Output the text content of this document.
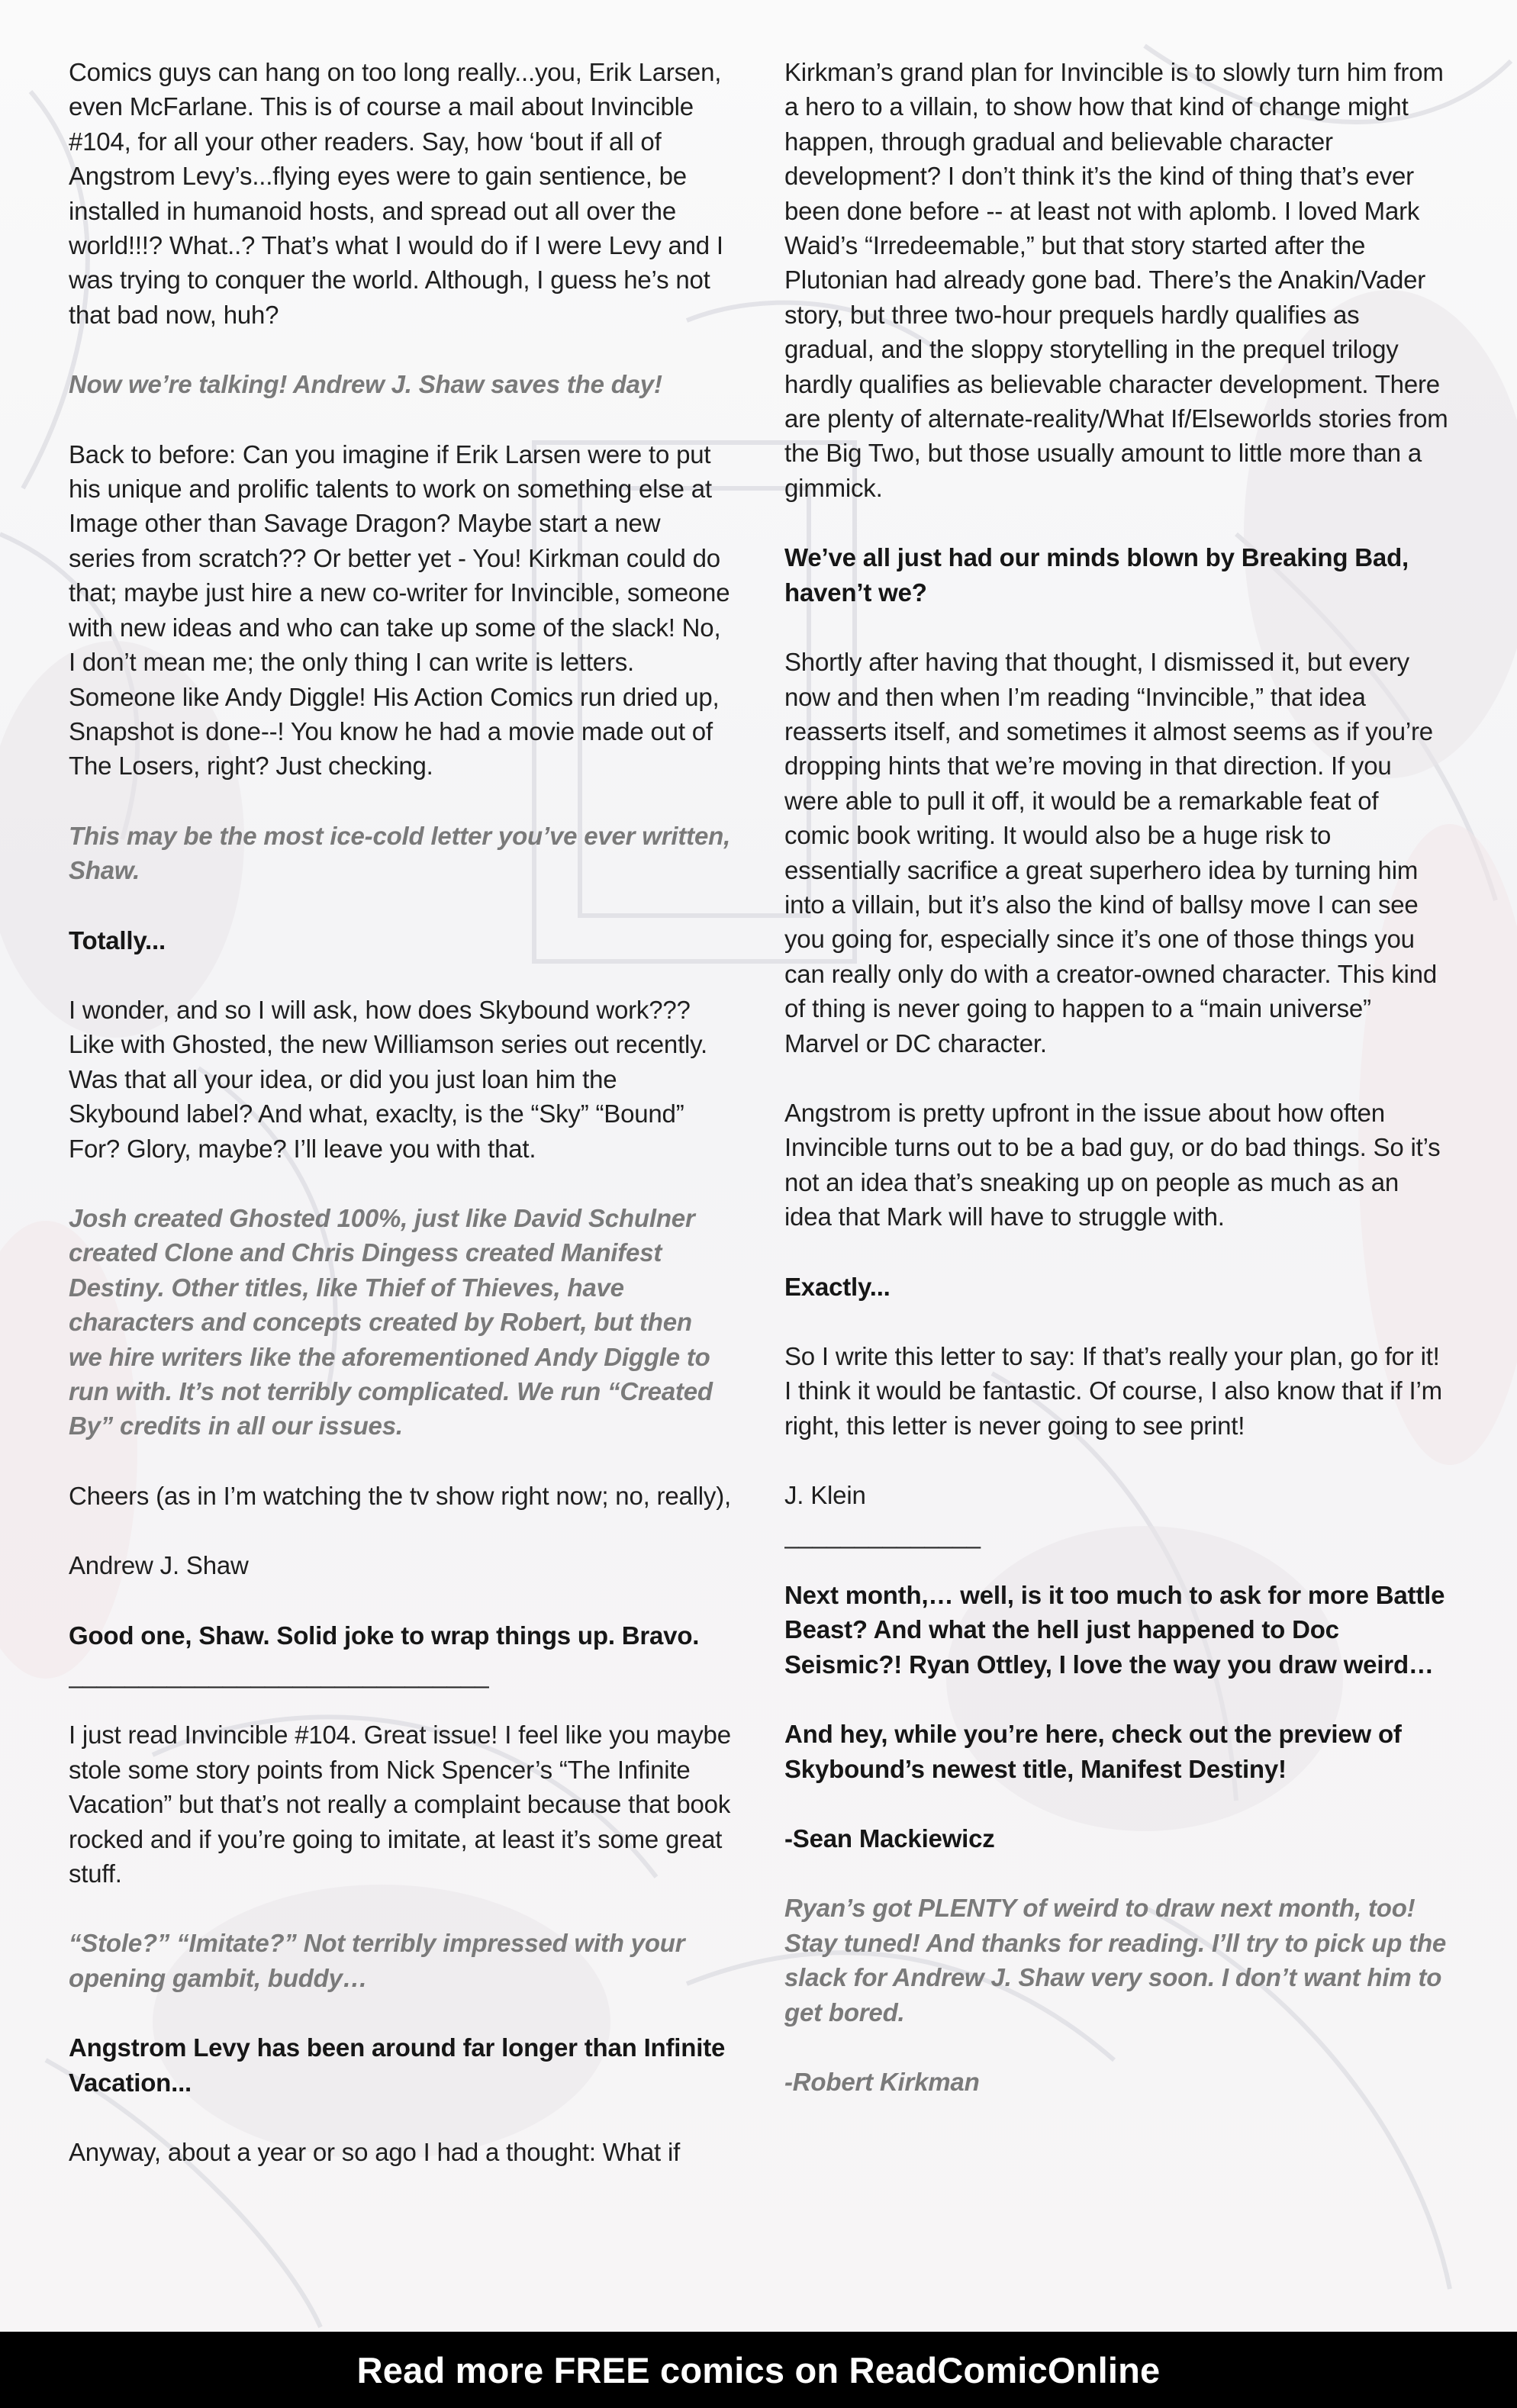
Comics guys can hang on too long really...you, Erik Larsen, even McFarlane. This is of course a mail about Invincible #104, for all your other readers. Say, how ‘bout if all of Angstrom Levy’s...flying eyes were to gain sentience, be installed in humanoid hosts, and spread out all over the world!!!? What..? That’s what I would do if I were Levy and I was trying to conquer the world. Although, I guess he’s not that bad now, huh?

Now we’re talking! Andrew J. Shaw saves the day!

Back to before: Can you imagine if Erik Larsen were to put his unique and prolific talents to work on something else at Image other than Savage Dragon? Maybe start a new series from scratch?? Or better yet - You! Kirkman could do that; maybe just hire a new co-writer for Invincible, someone with new ideas and who can take up some of the slack! No, I don’t mean me; the only thing I can write is letters. Someone like Andy Diggle! His Action Comics run dried up, Snapshot is done--! You know he had a movie made out of The Losers, right? Just checking.

This may be the most ice-cold letter you’ve ever written, Shaw.

Totally...

I wonder, and so I will ask, how does Skybound work??? Like with Ghosted, the new Williamson series out recently. Was that all your idea, or did you just loan him the Skybound label? And what, exaclty, is the “Sky” “Bound” For? Glory, maybe? I’ll leave you with that.

Josh created Ghosted 100%, just like David Schulner created Clone and Chris Dingess created Manifest Destiny. Other titles, like Thief of Thieves, have characters and concepts created by Robert, but then we hire writers like the aforementioned Andy Diggle to run with. It’s not terribly complicated. We run “Created By” credits in all our issues.

Cheers (as in I’m watching the tv show right now; no, really),

Andrew J. Shaw

Good one, Shaw. Solid joke to wrap things up. Bravo.

______________________________

I just read Invincible #104. Great issue! I feel like you maybe stole some story points from Nick Spencer’s “The Infinite Vacation” but that’s not really a complaint because that book rocked and if you’re going to imitate, at least it’s some great stuff.

“Stole?” “Imitate?” Not terribly impressed with your opening gambit, buddy…

Angstrom Levy has been around far longer than Infinite Vacation...

Anyway, about a year or so ago I had a thought: What if

Kirkman’s grand plan for Invincible is to slowly turn him from a hero to a villain, to show how that kind of change might happen, through gradual and believable character development? I don’t think it’s the kind of thing that’s ever been done before -- at least not with aplomb. I loved Mark Waid’s “Irredeemable,” but that story started after the Plutonian had already gone bad. There’s the Anakin/Vader story, but three two-hour prequels hardly qualifies as gradual, and the sloppy storytelling in the prequel trilogy hardly qualifies as believable character development. There are plenty of alternate-reality/What If/Elseworlds stories from the Big Two, but those usually amount to little more than a gimmick.

We’ve all just had our minds blown by Breaking Bad, haven’t we?

Shortly after having that thought, I dismissed it, but every now and then when I’m reading “Invincible,” that idea reasserts itself, and sometimes it almost seems as if you’re dropping hints that we’re moving in that direction. If you were able to pull it off, it would be a remarkable feat of comic book writing. It would also be a huge risk to essentially sacrifice a great superhero idea by turning him into a villain, but it’s also the kind of ballsy move I can see you going for, especially since it’s one of those things you can really only do with a creator-owned character. This kind of thing is never going to happen to a “main universe” Marvel or DC character.

Angstrom is pretty upfront in the issue about how often Invincible turns out to be a bad guy, or do bad things. So it’s not an idea that’s sneaking up on people as much as an idea that Mark will have to struggle with.

Exactly...

So I write this letter to say: If that’s really your plan, go for it! I think it would be fantastic. Of course, I also know that if I’m right, this letter is never going to see print!

J. Klein

______________

Next month,… well, is it too much to ask for more Battle Beast? And what the hell just happened to Doc Seismic?! Ryan Ottley, I love the way you draw weird…

And hey, while you’re here, check out the preview of Skybound’s newest title, Manifest Destiny!

-Sean Mackiewicz

Ryan’s got PLENTY of weird to draw next month, too! Stay tuned! And thanks for reading. I’ll try to pick up the slack for Andrew J. Shaw very soon. I don’t want him to get bored.

-Robert Kirkman

Read more FREE comics on ReadComicOnline
